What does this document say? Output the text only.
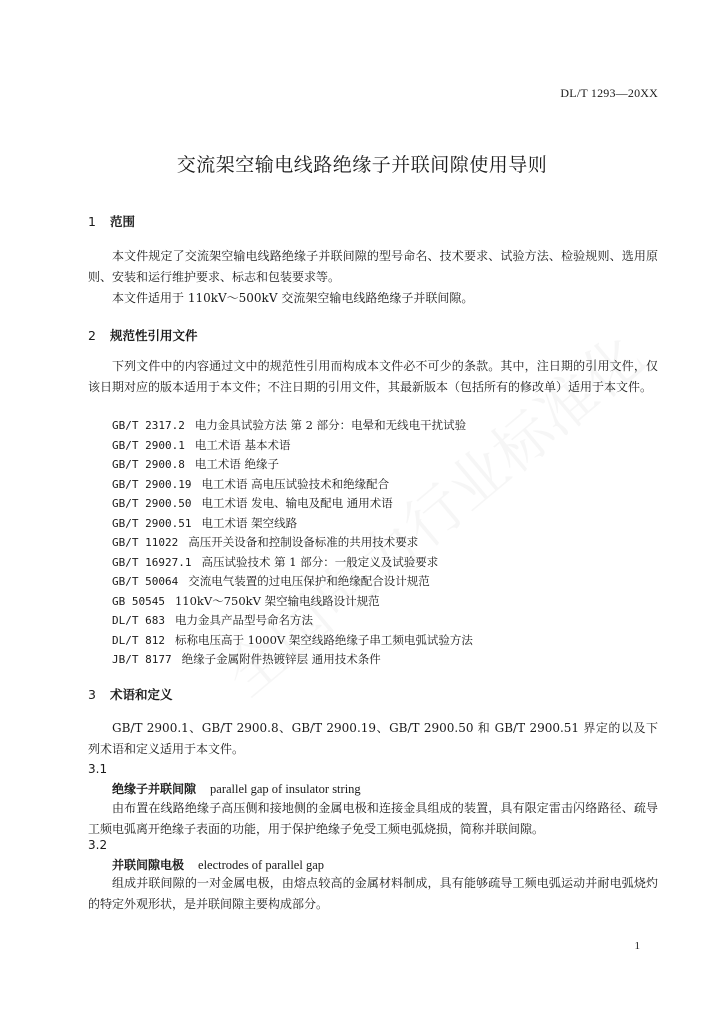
DL/T 1293—20XX
交流架空输电线路绝缘子并联间隙使用导则
1 范围
本文件规定了交流架空输电线路绝缘子并联间隙的型号命名、技术要求、试验方法、检验规则、选用原则、安装和运行维护要求、标志和包装要求等。
本文件适用于 110kV～500kV 交流架空输电线路绝缘子并联间隙。
2 规范性引用文件
下列文件中的内容通过文中的规范性引用而构成本文件必不可少的条款。其中，注日期的引用文件，仅该日期对应的版本适用于本文件；不注日期的引用文件，其最新版本（包括所有的修改单）适用于本文件。
GB/T 2317.2 电力金具试验方法 第 2 部分：电晕和无线电干扰试验
GB/T 2900.1 电工术语 基本术语
GB/T 2900.8 电工术语 绝缘子
GB/T 2900.19 电工术语 高电压试验技术和绝缘配合
GB/T 2900.50 电工术语 发电、输电及配电 通用术语
GB/T 2900.51 电工术语 架空线路
GB/T 11022 高压开关设备和控制设备标准的共用技术要求
GB/T 16927.1 高压试验技术 第 1 部分：一般定义及试验要求
GB/T 50064 交流电气装置的过电压保护和绝缘配合设计规范
GB 50545 110kV～750kV 架空输电线路设计规范
DL/T 683 电力金具产品型号命名方法
DL/T 812 标称电压高于 1000V 架空线路绝缘子串工频电弧试验方法
JB/T 8177 绝缘子金属附件热镀锌层 通用技术条件
3 术语和定义
GB/T 2900.1、GB/T 2900.8、GB/T 2900.19、GB/T 2900.50 和 GB/T 2900.51 界定的以及下列术语和定义适用于本文件。
3.1
绝缘子并联间隙 parallel gap of insulator string
由布置在线路绝缘子高压侧和接地侧的金属电极和连接金具组成的装置，具有限定雷击闪络路径、疏导工频电弧离开绝缘子表面的功能，用于保护绝缘子免受工频电弧烧损，简称并联间隙。
3.2
并联间隙电极 electrodes of parallel gap
组成并联间隙的一对金属电极，由熔点较高的金属材料制成，具有能够疏导工频电弧运动并耐电弧烧灼的特定外观形状，是并联间隙主要构成部分。
1
